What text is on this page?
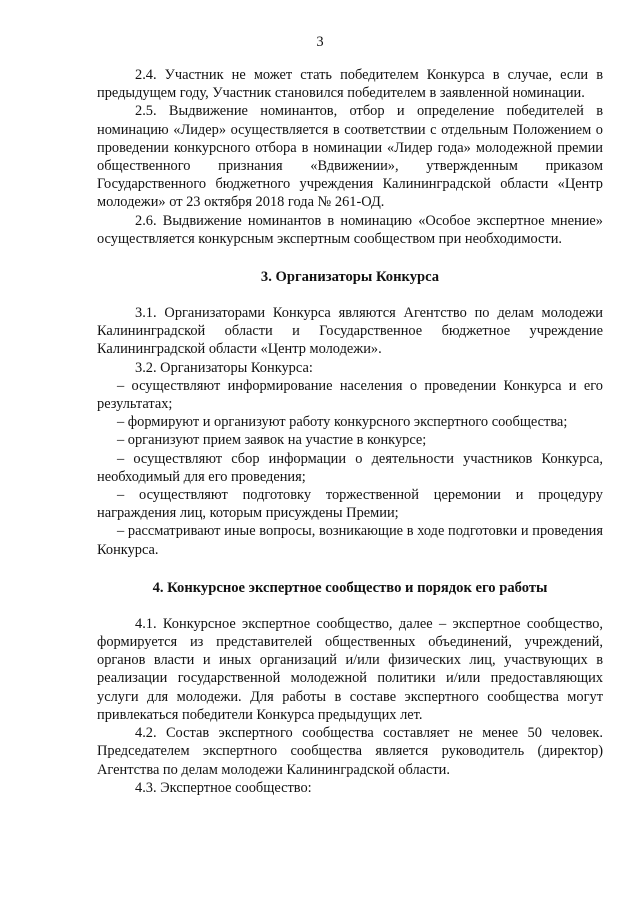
3

2.4. Участник не может стать победителем Конкурса в случае, если в предыдущем году, Участник становился победителем в заявленной номинации.

2.5. Выдвижение номинантов, отбор и определение победителей в номинацию «Лидер» осуществляется в соответствии с отдельным Положением о проведении конкурсного отбора в номинации «Лидер года» молодежной премии общественного признания «Вдвижении», утвержденным приказом Государственного бюджетного учреждения Калининградской области «Центр молодежи» от 23 октября 2018 года № 261-ОД.

2.6. Выдвижение номинантов в номинацию «Особое экспертное мнение» осуществляется конкурсным экспертным сообществом при необходимости.

3. Организаторы Конкурса

3.1. Организаторами Конкурса являются Агентство по делам молодежи Калининградской области и Государственное бюджетное учреждение Калининградской области «Центр молодежи».

3.2. Организаторы Конкурса:

– осуществляют информирование населения о проведении Конкурса и его результатах;

– формируют и организуют работу конкурсного экспертного сообщества;

– организуют прием заявок на участие в конкурсе;

– осуществляют сбор информации о деятельности участников Конкурса, необходимый для его проведения;

– осуществляют подготовку торжественной церемонии и процедуру награждения лиц, которым присуждены Премии;

– рассматривают иные вопросы, возникающие в ходе подготовки и проведения Конкурса.

4. Конкурсное экспертное сообщество и порядок его работы

4.1. Конкурсное экспертное сообщество, далее – экспертное сообщество, формируется из представителей общественных объединений, учреждений, органов власти и иных организаций и/или физических лиц, участвующих в реализации государственной молодежной политики и/или предоставляющих услуги для молодежи. Для работы в составе экспертного сообщества могут привлекаться победители Конкурса предыдущих лет.

4.2. Состав экспертного сообщества составляет не менее 50 человек. Председателем экспертного сообщества является руководитель (директор) Агентства по делам молодежи Калининградской области.

4.3. Экспертное сообщество:
